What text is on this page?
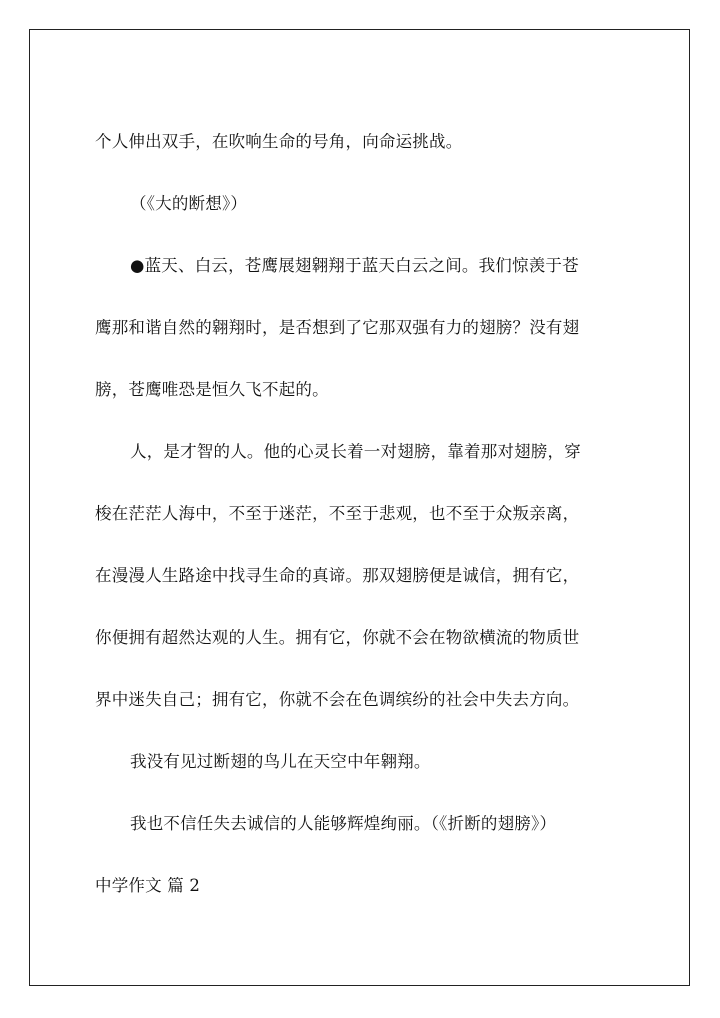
个人伸出双手，在吹响生命的号角，向命运挑战。
（《大的断想》）
●蓝天、白云，苍鹰展翅翱翔于蓝天白云之间。我们惊羡于苍
鹰那和谐自然的翱翔时，是否想到了它那双强有力的翅膀？没有翅
膀，苍鹰唯恐是恒久飞不起的。
人，是才智的人。他的心灵长着一对翅膀，靠着那对翅膀，穿
梭在茫茫人海中，不至于迷茫，不至于悲观，也不至于众叛亲离，
在漫漫人生路途中找寻生命的真谛。那双翅膀便是诚信，拥有它，
你便拥有超然达观的人生。拥有它，你就不会在物欲横流的物质世
界中迷失自己；拥有它，你就不会在色调缤纷的社会中失去方向。
我没有见过断翅的鸟儿在天空中年翱翔。
我也不信任失去诚信的人能够辉煌绚丽。（《折断的翅膀》）
中学作文 篇 2
